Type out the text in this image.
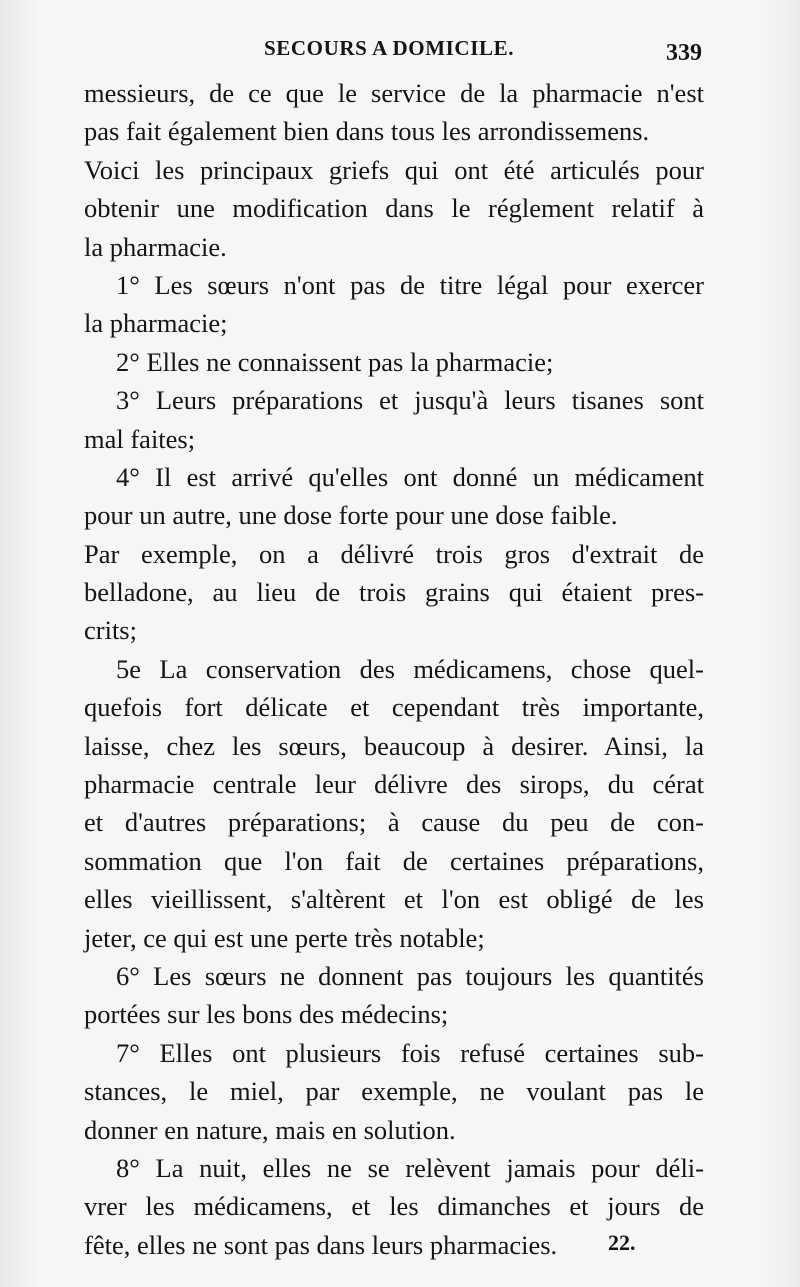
SECOURS A DOMICILE.	339
messieurs, de ce que le service de la pharmacie n'est
pas fait également bien dans tous les arrondissemens.
Voici les principaux griefs qui ont été articulés pour
obtenir une modification dans le réglement relatif à
la pharmacie.
1° Les sœurs n'ont pas de titre légal pour exercer
la pharmacie;
2° Elles ne connaissent pas la pharmacie;
3° Leurs préparations et jusqu'à leurs tisanes sont
mal faites;
4° Il est arrivé qu'elles ont donné un médicament
pour un autre, une dose forte pour une dose faible.
Par exemple, on a délivré trois gros d'extrait de
belladone, au lieu de trois grains qui étaient pres-
crits;
5e La conservation des médicamens, chose quel-
quefois fort délicate et cependant très importante,
laisse, chez les sœurs, beaucoup à desirer. Ainsi, la
pharmacie centrale leur délivre des sirops, du cérat
et d'autres préparations; à cause du peu de con-
sommation que l'on fait de certaines préparations,
elles vieillissent, s'altèrent et l'on est obligé de les
jeter, ce qui est une perte très notable;
6° Les sœurs ne donnent pas toujours les quantités
portées sur les bons des médecins;
7° Elles ont plusieurs fois refusé certaines sub-
stances, le miel, par exemple, ne voulant pas le
donner en nature, mais en solution.
8° La nuit, elles ne se relèvent jamais pour déli-
vrer les médicamens, et les dimanches et jours de
fête, elles ne sont pas dans leurs pharmacies.	22.
